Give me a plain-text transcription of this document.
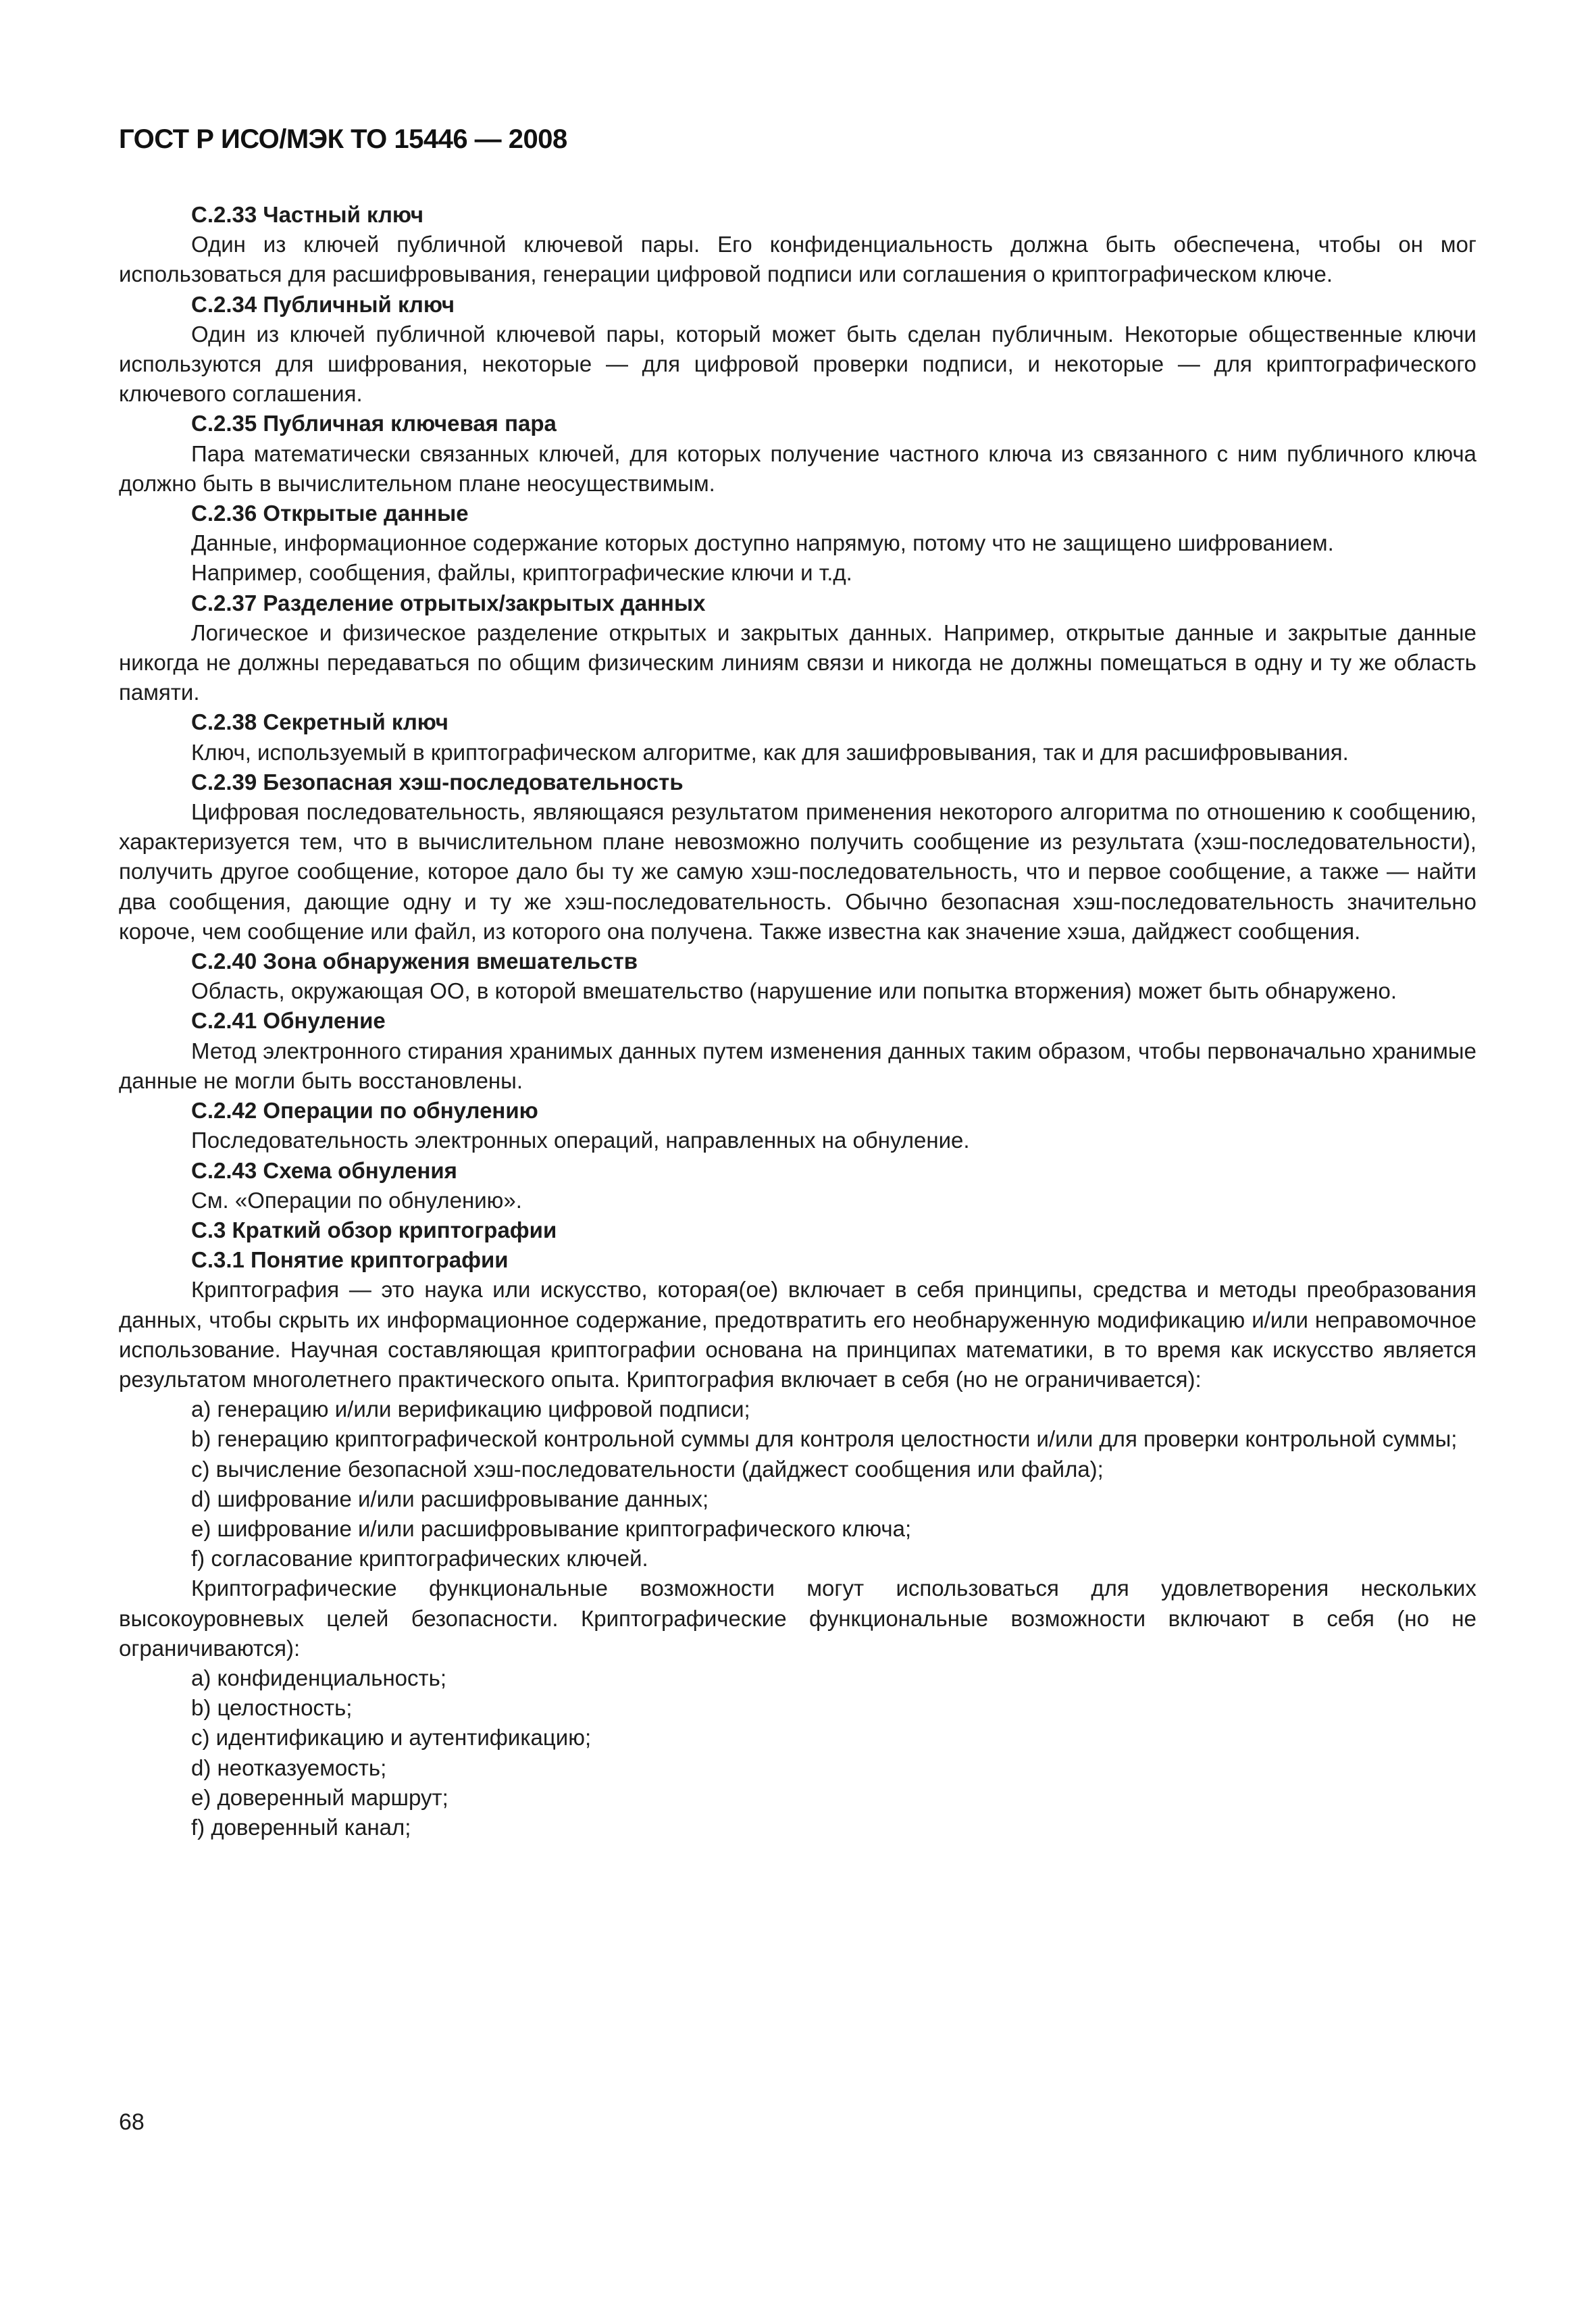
ГОСТ Р ИСО/МЭК ТО 15446 — 2008

С.2.33 Частный ключ

Один из ключей публичной ключевой пары. Его конфиденциальность должна быть обеспечена, чтобы он мог использоваться для расшифровывания, генерации цифровой подписи или соглашения о криптографическом ключе.

С.2.34 Публичный ключ

Один из ключей публичной ключевой пары, который может быть сделан публичным. Некоторые общественные ключи используются для шифрования, некоторые — для цифровой проверки подписи, и некоторые — для криптографического ключевого соглашения.

С.2.35 Публичная ключевая пара

Пара математически связанных ключей, для которых получение частного ключа из связанного с ним публичного ключа должно быть в вычислительном плане неосуществимым.

С.2.36 Открытые данные

Данные, информационное содержание которых доступно напрямую, потому что не защищено шифрованием.

Например, сообщения, файлы, криптографические ключи и т.д.

С.2.37 Разделение отрытых/закрытых данных

Логическое и физическое разделение открытых и закрытых данных. Например, открытые данные и закрытые данные никогда не должны передаваться по общим физическим линиям связи и никогда не должны помещаться в одну и ту же область памяти.

С.2.38 Секретный ключ

Ключ, используемый в криптографическом алгоритме, как для зашифровывания, так и для расшифровывания.

С.2.39 Безопасная хэш-последовательность

Цифровая последовательность, являющаяся результатом применения некоторого алгоритма по отношению к сообщению, характеризуется тем, что в вычислительном плане невозможно получить сообщение из результата (хэш-последовательности), получить другое сообщение, которое дало бы ту же самую хэш-последовательность, что и первое сообщение, а также — найти два сообщения, дающие одну и ту же хэш-последовательность. Обычно безопасная хэш-последовательность значительно короче, чем сообщение или файл, из которого она получена. Также известна как значение хэша, дайджест сообщения.

С.2.40 Зона обнаружения вмешательств

Область, окружающая ОО, в которой вмешательство (нарушение или попытка вторжения) может быть обнаружено.

С.2.41 Обнуление

Метод электронного стирания хранимых данных путем изменения данных таким образом, чтобы первоначально хранимые данные не могли быть восстановлены.

С.2.42 Операции по обнулению

Последовательность электронных операций, направленных на обнуление.

С.2.43 Схема обнуления

См. «Операции по обнулению».

С.3 Краткий обзор криптографии

С.3.1 Понятие криптографии

Криптография — это наука или искусство, которая(ое) включает в себя принципы, средства и методы преобразования данных, чтобы скрыть их информационное содержание, предотвратить его необнаруженную модификацию и/или неправомочное использование. Научная составляющая криптографии основана на принципах математики, в то время как искусство является результатом многолетнего практического опыта. Криптография включает в себя (но не ограничивается):

a) генерацию и/или верификацию цифровой подписи;

b) генерацию криптографической контрольной суммы для контроля целостности и/или для проверки контрольной суммы;

c) вычисление безопасной хэш-последовательности (дайджест сообщения или файла);

d) шифрование и/или расшифровывание данных;

e) шифрование и/или расшифровывание криптографического ключа;

f) согласование криптографических ключей.

Криптографические функциональные возможности могут использоваться для удовлетворения нескольких высокоуровневых целей безопасности. Криптографические функциональные возможности включают в себя (но не ограничиваются):

a) конфиденциальность;

b) целостность;

c) идентификацию и аутентификацию;

d) неотказуемость;

e) доверенный маршрут;

f) доверенный канал;

68
